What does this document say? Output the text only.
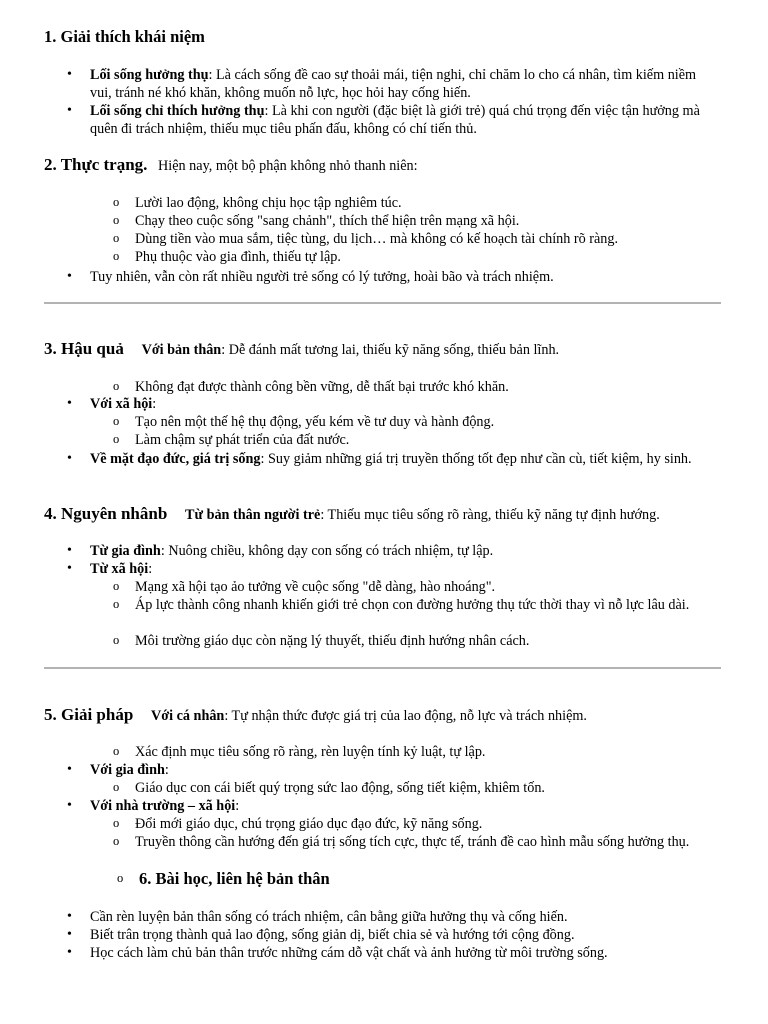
1. Giải thích khái niệm
• Lối sống hưởng thụ: Là cách sống đề cao sự thoải mái, tiện nghi, chỉ chăm lo cho cá nhân, tìm kiếm niềm vui, tránh né khó khăn, không muốn nỗ lực, học hỏi hay cống hiến.
• Lối sống chỉ thích hưởng thụ: Là khi con người (đặc biệt là giới trẻ) quá chú trọng đến việc tận hưởng mà quên đi trách nhiệm, thiếu mục tiêu phấn đấu, không có chí tiến thủ.
2. Thực trạng. Hiện nay, một bộ phận không nhỏ thanh niên:
o Lười lao động, không chịu học tập nghiêm túc.
o Chạy theo cuộc sống "sang chảnh", thích thể hiện trên mạng xã hội.
o Dùng tiền vào mua sắm, tiệc tùng, du lịch… mà không có kế hoạch tài chính rõ ràng.
o Phụ thuộc vào gia đình, thiếu tự lập.
• Tuy nhiên, vẫn còn rất nhiều người trẻ sống có lý tưởng, hoài bão và trách nhiệm.
3. Hậu quả Với bản thân: Dễ đánh mất tương lai, thiếu kỹ năng sống, thiếu bản lĩnh.
o Không đạt được thành công bền vững, dễ thất bại trước khó khăn.
• Với xã hội:
o Tạo nên một thế hệ thụ động, yếu kém về tư duy và hành động.
o Làm chậm sự phát triển của đất nước.
• Về mặt đạo đức, giá trị sống: Suy giảm những giá trị truyền thống tốt đẹp như cần cù, tiết kiệm, hy sinh.
4. Nguyên nhânb Từ bản thân người trẻ: Thiếu mục tiêu sống rõ ràng, thiếu kỹ năng tự định hướng.
• Từ gia đình: Nuông chiều, không dạy con sống có trách nhiệm, tự lập.
• Từ xã hội:
o Mạng xã hội tạo ảo tưởng về cuộc sống "dễ dàng, hào nhoáng".
o Áp lực thành công nhanh khiến giới trẻ chọn con đường hưởng thụ tức thời thay vì nỗ lực lâu dài.
o Môi trường giáo dục còn nặng lý thuyết, thiếu định hướng nhân cách.
5. Giải pháp Với cá nhân: Tự nhận thức được giá trị của lao động, nỗ lực và trách nhiệm.
o Xác định mục tiêu sống rõ ràng, rèn luyện tính kỷ luật, tự lập.
• Với gia đình:
o Giáo dục con cái biết quý trọng sức lao động, sống tiết kiệm, khiêm tốn.
• Với nhà trường – xã hội:
o Đổi mới giáo dục, chú trọng giáo dục đạo đức, kỹ năng sống.
o Truyền thông cần hướng đến giá trị sống tích cực, thực tế, tránh đề cao hình mẫu sống hưởng thụ.
o 6. Bài học, liên hệ bản thân
• Cần rèn luyện bản thân sống có trách nhiệm, cân bằng giữa hưởng thụ và cống hiến.
• Biết trân trọng thành quả lao động, sống giản dị, biết chia sẻ và hướng tới cộng đồng.
• Học cách làm chủ bản thân trước những cám dỗ vật chất và ảnh hưởng từ môi trường sống.
